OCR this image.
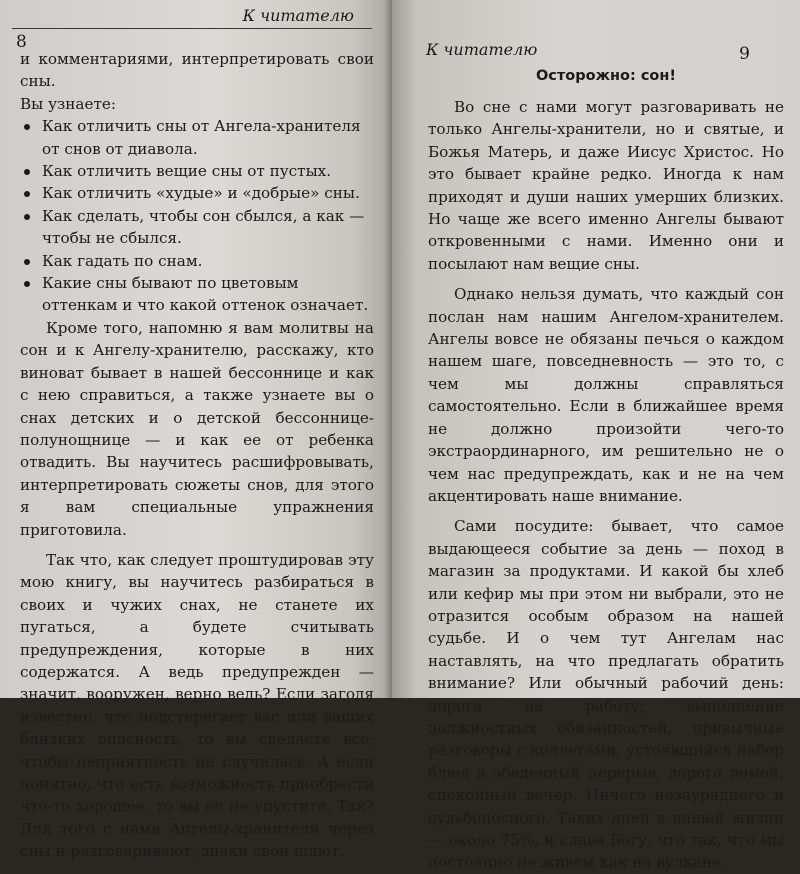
К читателю
8

и комментариями, интерпретировать свои сны.

Вы узнаете:

Как отличить сны от Ангела-хранителя от снов от диавола.
Как отличить вещие сны от пустых.
Как отличить «худые» и «добрые» сны.
Как сделать, чтобы сон сбылся, а как — чтобы не сбылся.
Как гадать по снам.
Какие сны бывают по цветовым оттенкам и что какой оттенок означает.

Кроме того, напомню я вам молитвы на сон и к Ангелу-хранителю, расскажу, кто виноват бывает в нашей бессоннице и как с нею справиться, а также узнаете вы о снах детских и о детской бессоннице-полунощнице — и как ее от ребенка отвадить. Вы научитесь расшифровывать, интерпретировать сюжеты снов, для этого я вам специальные упражнения приготовила.

Так что, как следует проштудировав эту мою книгу, вы научитесь разбираться в своих и чужих снах, не станете их пугаться, а будете считывать предупреждения, которые в них содержатся. А ведь предупрежден — значит, вооружен, верно ведь? Если загодя известно, что подстерегает вас или ваших близких опасность, то вы сделаете все, чтобы неприятность не случилась. А если понятно, что есть возможность приобрести что-то хорошее, то вы ее не упустите. Так? Для того с нами Ангелы-хранители через сны и разговаривают, знаки свои шлют.

К читателю	9
Осторожно: сон!

Во сне с нами могут разговаривать не только Ангелы-хранители, но и святые, и Божья Матерь, и даже Иисус Христос. Но это бывает крайне редко. Иногда к нам приходят и души наших умерших близких. Но чаще же всего именно Ангелы бывают откровенными с нами. Именно они и посылают нам вещие сны.

Однако нельзя думать, что каждый сон послан нам нашим Ангелом-хранителем. Ангелы вовсе не обязаны печься о каждом нашем шаге, повседневность — это то, с чем мы должны справляться самостоятельно. Если в ближайшее время не должно произойти чего-то экстраординарного, им решительно не о чем нас предупреждать, как и не на чем акцентировать наше внимание.

Сами посудите: бывает, что самое выдающееся событие за день — поход в магазин за продуктами. И какой бы хлеб или кефир мы при этом ни выбрали, это не отразится особым образом на нашей судьбе. И о чем тут Ангелам нас наставлять, на что предлагать обратить внимание? Или обычный рабочий день: дорога на работу, выполнение должностных обязанностей, привычные разговоры с коллегами, устоявшийся набор блюд в обеденный перерыв, дорога домой, спокойный вечер. Ничего незаурядного и судьбоносного. Таких дней в нашей жизни — около 75%, и слава Богу, что так, что мы постоянно не живем как на вулкане.
